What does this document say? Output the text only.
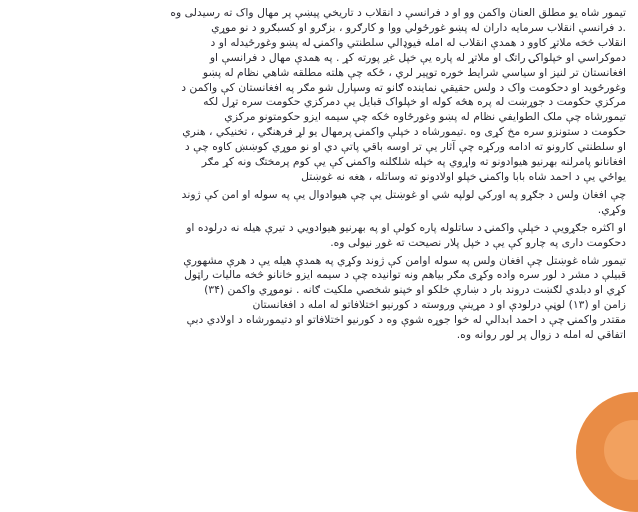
تیمور شاه یو مطلق العنان واکمن وو او د فرانسې د انقلاب د تاریخي پیښې پر مهال واک ته رسیدلی وه

.د فرانسې انقلاب سرمایه داران له پښو غورځولي ووا و کارګرو ، بزګرو او کسبګرو د نو موړي

انقلاب څخه ملاتړ کاوو د همدې انقلاب له امله فیوډالي سلطنتي واکمنۍ له پښو وغورځیدله او د

دموکراسي او خپلواکۍ راتګ او ملاتړ له پاره یې خپل غږ پورته کړ . په همدې مهال د فرانسې او

افغانستان تر لنیز او سیاسي شرایط خوره توپیر لري ، ځکه چې هلته مطلقه شاهي نظام له پښو

وغورځوید او دحکومت واک د ولس حقیقي نماینده ګانو ته وسپارل شو مګر په افغانستان کې واکمن د

مرکزي حکومت د جوړښت له پره هڅه کوله او خپلواک قبایل یې دمرکزي حکومت سره تړل لکه

تیمورشاه چې ملک الطوایفي نظام له پښو وغورځاوه څکه چې سیمه ایزو حکومتونو مرکزي

حکومت د ستونزو سره مخ کړی وه .تیمورشاه د خپلې واکمنۍ پرمهال یو لړ فرهنګي ، تخنیکي ، هنري

او سلطنتي کارونو ته ادامه ورکړه چې آثار یې تر اوسه باقي پاتې دي او نو موړي کوښښ کاوه چې د

افغانانو پامرلنه بهرنیو هیوادونو ته واړوي په خپله شلګلنه واکمنۍ کې یې کوم پرمختګ ونه کړ مګر

یواځي یې د احمد شاه بابا واکمنۍ خپلو اولادونو ته وساتله ، هغه نه غوښتل

چې افغان ولس د جګړو په اورکي لولپه شي او غوښتل يې چې هیوادوال یې په سوله او امن کې ژوند

وکړي.

او اکثره جګړویې د خپلې واکمنۍ د ساتلوله پاره کولې او په بهرنیو هیوادویي د تیرې هیله نه درلوده او

دحکومت داری په چارو کې یې د خپل پلار نصیحت ته غوږ نیولی وه.

تیمور شاه غوښتل چې افغان ولس په سوله اوامن کې ژوند وکړي په همدې هیله یې د هرې مشهورې

قبیلې د مشر د لور سره واده وکړی مګر بیاهم ونه توانیده چې د سیمه ایزو خانانو څخه مالیات راټول

کړي او دبلدي لګښت دروند بار د ښارې خلکو او خپنو شخصي ملکیت ګانه . نوموړي واکمن (۳۴)

زامن او (۱۳) لوڼې درلودې او د مړینې وروسته د کورنیو اختلافاتو له امله د افغانستان

مقتدر واکمنۍ چې د احمد ابدالي له خوا جوړه شوې وه د کورنیو اختلافاتو او دتیمورشاه د اولادي دبې

اتفاقي له امله د زوال پر لور روانه وه.
